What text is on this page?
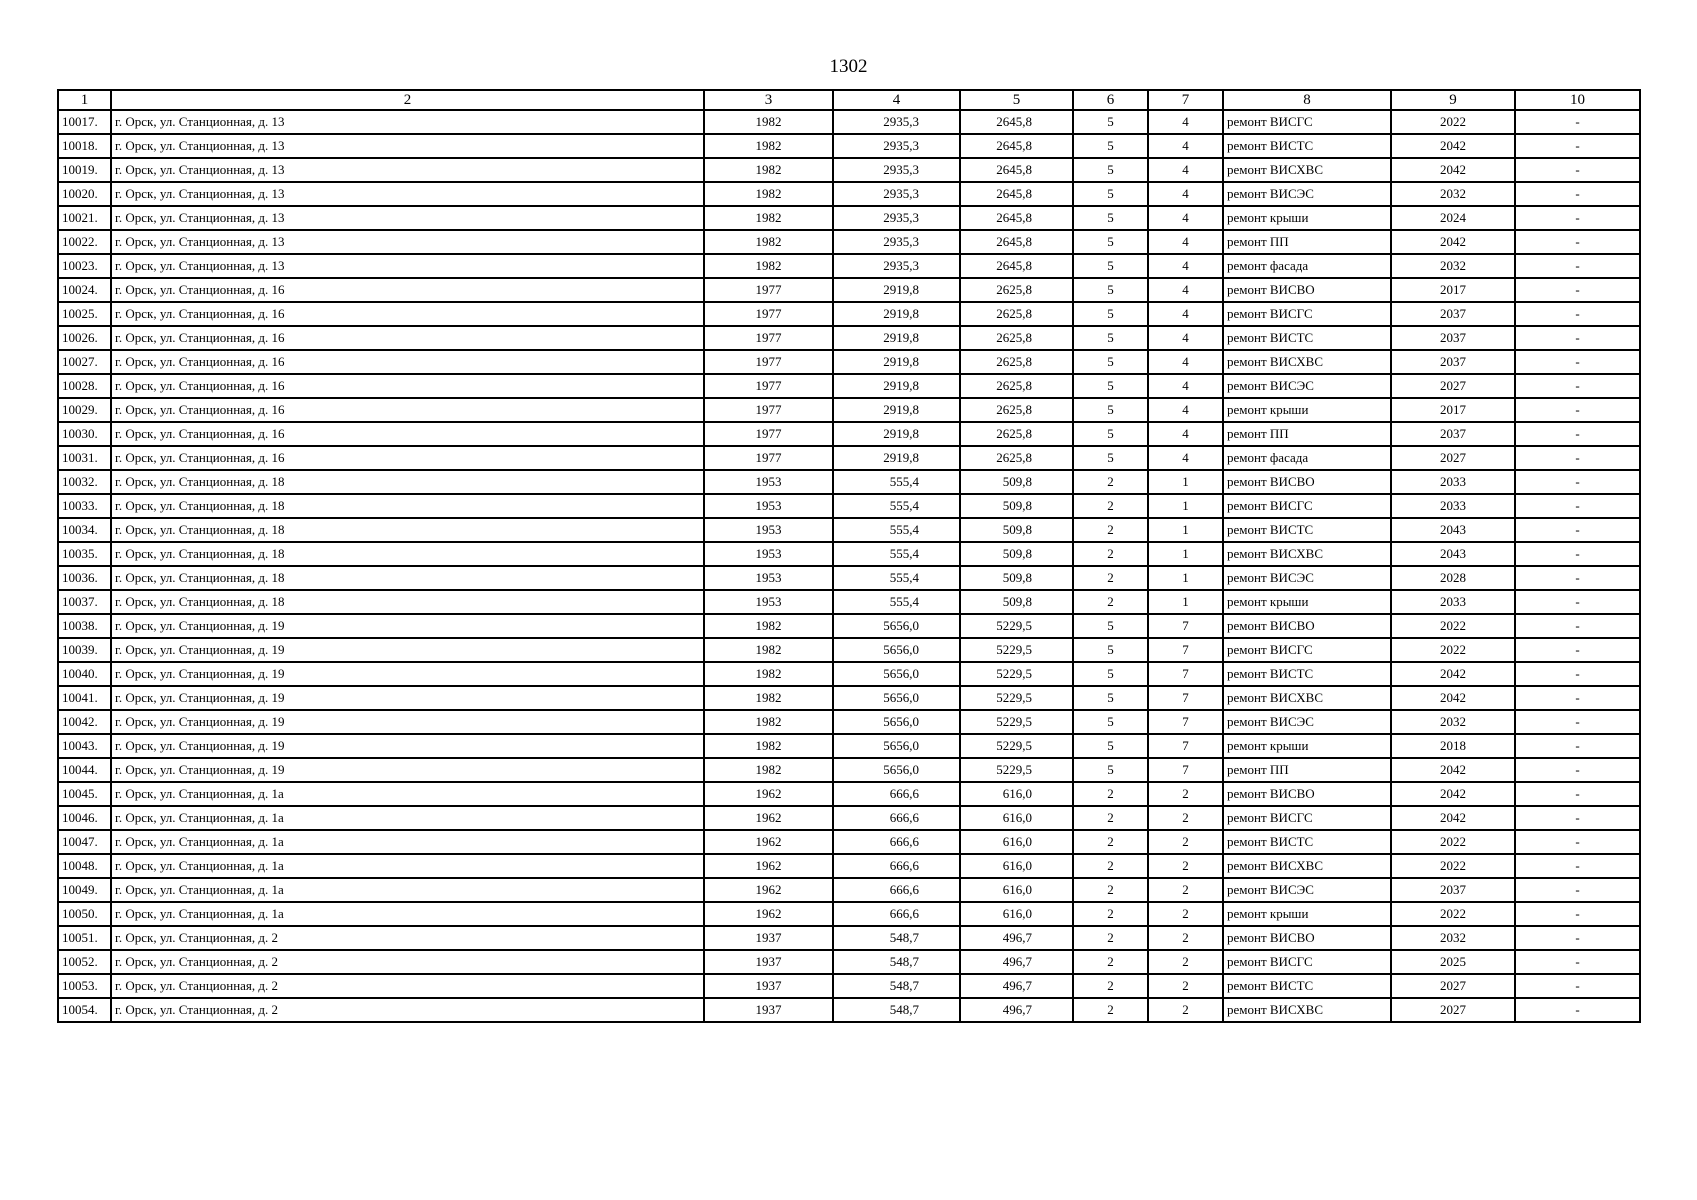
1302
1	2	3	4	5	6	7	8	9	10
10017.	г. Орск, ул. Станционная, д. 13	1982	2935,3	2645,8	5	4	ремонт ВИСГС	2022	-
10018.	г. Орск, ул. Станционная, д. 13	1982	2935,3	2645,8	5	4	ремонт ВИСТС	2042	-
10019.	г. Орск, ул. Станционная, д. 13	1982	2935,3	2645,8	5	4	ремонт ВИСХВС	2042	-
10020.	г. Орск, ул. Станционная, д. 13	1982	2935,3	2645,8	5	4	ремонт ВИСЭС	2032	-
10021.	г. Орск, ул. Станционная, д. 13	1982	2935,3	2645,8	5	4	ремонт крыши	2024	-
10022.	г. Орск, ул. Станционная, д. 13	1982	2935,3	2645,8	5	4	ремонт ПП	2042	-
10023.	г. Орск, ул. Станционная, д. 13	1982	2935,3	2645,8	5	4	ремонт фасада	2032	-
10024.	г. Орск, ул. Станционная, д. 16	1977	2919,8	2625,8	5	4	ремонт ВИСВО	2017	-
10025.	г. Орск, ул. Станционная, д. 16	1977	2919,8	2625,8	5	4	ремонт ВИСГС	2037	-
10026.	г. Орск, ул. Станционная, д. 16	1977	2919,8	2625,8	5	4	ремонт ВИСТС	2037	-
10027.	г. Орск, ул. Станционная, д. 16	1977	2919,8	2625,8	5	4	ремонт ВИСХВС	2037	-
10028.	г. Орск, ул. Станционная, д. 16	1977	2919,8	2625,8	5	4	ремонт ВИСЭС	2027	-
10029.	г. Орск, ул. Станционная, д. 16	1977	2919,8	2625,8	5	4	ремонт крыши	2017	-
10030.	г. Орск, ул. Станционная, д. 16	1977	2919,8	2625,8	5	4	ремонт ПП	2037	-
10031.	г. Орск, ул. Станционная, д. 16	1977	2919,8	2625,8	5	4	ремонт фасада	2027	-
10032.	г. Орск, ул. Станционная, д. 18	1953	555,4	509,8	2	1	ремонт ВИСВО	2033	-
10033.	г. Орск, ул. Станционная, д. 18	1953	555,4	509,8	2	1	ремонт ВИСГС	2033	-
10034.	г. Орск, ул. Станционная, д. 18	1953	555,4	509,8	2	1	ремонт ВИСТС	2043	-
10035.	г. Орск, ул. Станционная, д. 18	1953	555,4	509,8	2	1	ремонт ВИСХВС	2043	-
10036.	г. Орск, ул. Станционная, д. 18	1953	555,4	509,8	2	1	ремонт ВИСЭС	2028	-
10037.	г. Орск, ул. Станционная, д. 18	1953	555,4	509,8	2	1	ремонт крыши	2033	-
10038.	г. Орск, ул. Станционная, д. 19	1982	5656,0	5229,5	5	7	ремонт ВИСВО	2022	-
10039.	г. Орск, ул. Станционная, д. 19	1982	5656,0	5229,5	5	7	ремонт ВИСГС	2022	-
10040.	г. Орск, ул. Станционная, д. 19	1982	5656,0	5229,5	5	7	ремонт ВИСТС	2042	-
10041.	г. Орск, ул. Станционная, д. 19	1982	5656,0	5229,5	5	7	ремонт ВИСХВС	2042	-
10042.	г. Орск, ул. Станционная, д. 19	1982	5656,0	5229,5	5	7	ремонт ВИСЭС	2032	-
10043.	г. Орск, ул. Станционная, д. 19	1982	5656,0	5229,5	5	7	ремонт крыши	2018	-
10044.	г. Орск, ул. Станционная, д. 19	1982	5656,0	5229,5	5	7	ремонт ПП	2042	-
10045.	г. Орск, ул. Станционная, д. 1а	1962	666,6	616,0	2	2	ремонт ВИСВО	2042	-
10046.	г. Орск, ул. Станционная, д. 1а	1962	666,6	616,0	2	2	ремонт ВИСГС	2042	-
10047.	г. Орск, ул. Станционная, д. 1а	1962	666,6	616,0	2	2	ремонт ВИСТС	2022	-
10048.	г. Орск, ул. Станционная, д. 1а	1962	666,6	616,0	2	2	ремонт ВИСХВС	2022	-
10049.	г. Орск, ул. Станционная, д. 1а	1962	666,6	616,0	2	2	ремонт ВИСЭС	2037	-
10050.	г. Орск, ул. Станционная, д. 1а	1962	666,6	616,0	2	2	ремонт крыши	2022	-
10051.	г. Орск, ул. Станционная, д. 2	1937	548,7	496,7	2	2	ремонт ВИСВО	2032	-
10052.	г. Орск, ул. Станционная, д. 2	1937	548,7	496,7	2	2	ремонт ВИСГС	2025	-
10053.	г. Орск, ул. Станционная, д. 2	1937	548,7	496,7	2	2	ремонт ВИСТС	2027	-
10054.	г. Орск, ул. Станционная, д. 2	1937	548,7	496,7	2	2	ремонт ВИСХВС	2027	-
